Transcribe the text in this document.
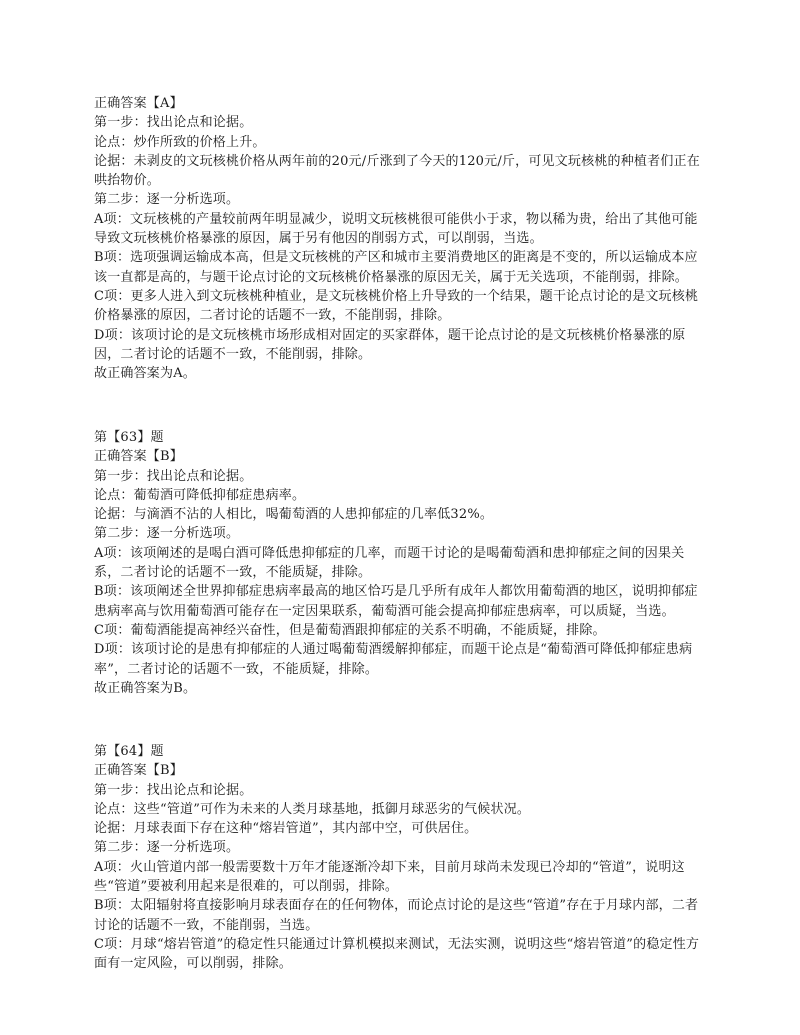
正确答案【A】
第一步：找出论点和论据。
论点：炒作所致的价格上升。
论据：未剥皮的文玩核桃价格从两年前的20元/斤涨到了今天的120元/斤，可见文玩核桃的种植者们正在哄抬物价。
第二步：逐一分析选项。
A项：文玩核桃的产量较前两年明显减少，说明文玩核桃很可能供小于求，物以稀为贵，给出了其他可能导致文玩核桃价格暴涨的原因，属于另有他因的削弱方式，可以削弱，当选。
B项：选项强调运输成本高，但是文玩核桃的产区和城市主要消费地区的距离是不变的，所以运输成本应该一直都是高的，与题干论点讨论的文玩核桃价格暴涨的原因无关，属于无关选项，不能削弱，排除。
C项：更多人进入到文玩核桃种植业，是文玩核桃价格上升导致的一个结果，题干论点讨论的是文玩核桃价格暴涨的原因，二者讨论的话题不一致，不能削弱，排除。
D项：该项讨论的是文玩核桃市场形成相对固定的买家群体，题干论点讨论的是文玩核桃价格暴涨的原因，二者讨论的话题不一致，不能削弱，排除。
故正确答案为A。
第【63】题
正确答案【B】
第一步：找出论点和论据。
论点：葡萄酒可降低抑郁症患病率。
论据：与滴酒不沾的人相比，喝葡萄酒的人患抑郁症的几率低32%。
第二步：逐一分析选项。
A项：该项阐述的是喝白酒可降低患抑郁症的几率，而题干讨论的是喝葡萄酒和患抑郁症之间的因果关系，二者讨论的话题不一致，不能质疑，排除。
B项：该项阐述全世界抑郁症患病率最高的地区恰巧是几乎所有成年人都饮用葡萄酒的地区，说明抑郁症患病率高与饮用葡萄酒可能存在一定因果联系，葡萄酒可能会提高抑郁症患病率，可以质疑，当选。
C项：葡萄酒能提高神经兴奋性，但是葡萄酒跟抑郁症的关系不明确，不能质疑，排除。
D项：该项讨论的是患有抑郁症的人通过喝葡萄酒缓解抑郁症，而题干论点是“葡萄酒可降低抑郁症患病率”，二者讨论的话题不一致，不能质疑，排除。
故正确答案为B。
第【64】题
正确答案【B】
第一步：找出论点和论据。
论点：这些“管道”可作为未来的人类月球基地，抵御月球恶劣的气候状况。
论据：月球表面下存在这种“熔岩管道”，其内部中空，可供居住。
第二步：逐一分析选项。
A项：火山管道内部一般需要数十万年才能逐渐冷却下来，目前月球尚未发现已冷却的“管道”，说明这些“管道”要被利用起来是很难的，可以削弱，排除。
B项：太阳辐射将直接影响月球表面存在的任何物体，而论点讨论的是这些“管道”存在于月球内部，二者讨论的话题不一致，不能削弱，当选。
C项：月球“熔岩管道”的稳定性只能通过计算机模拟来测试，无法实测，说明这些“熔岩管道”的稳定性方面有一定风险，可以削弱，排除。
